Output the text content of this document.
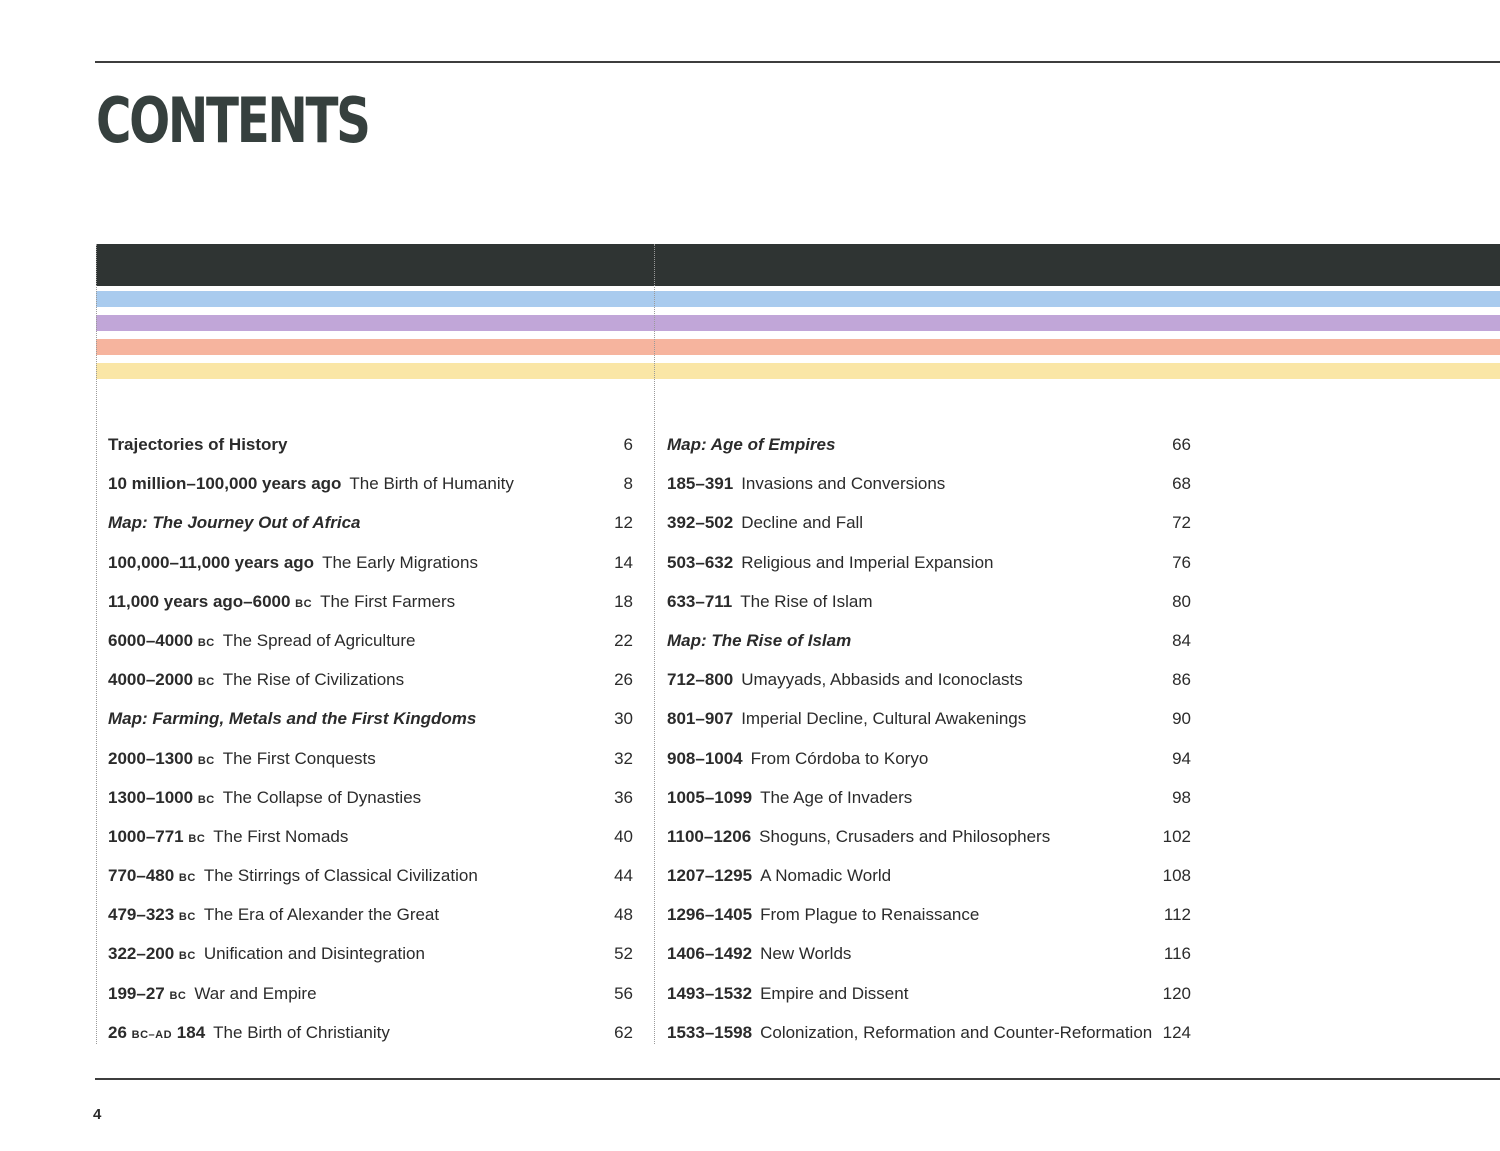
CONTENTS
Trajectories of History	6
10 million–100,000 years ago The Birth of Humanity	8
Map: The Journey Out of Africa	12
100,000–11,000 years ago The Early Migrations	14
11,000 years ago–6000 BC The First Farmers	18
6000–4000 BC The Spread of Agriculture	22
4000–2000 BC The Rise of Civilizations	26
Map: Farming, Metals and the First Kingdoms	30
2000–1300 BC The First Conquests	32
1300–1000 BC The Collapse of Dynasties	36
1000–771 BC The First Nomads	40
770–480 BC The Stirrings of Classical Civilization	44
479–323 BC The Era of Alexander the Great	48
322–200 BC Unification and Disintegration	52
199–27 BC War and Empire	56
26 BC–AD 184 The Birth of Christianity	62
Map: Age of Empires	66
185–391 Invasions and Conversions	68
392–502 Decline and Fall	72
503–632 Religious and Imperial Expansion	76
633–711 The Rise of Islam	80
Map: The Rise of Islam	84
712–800 Umayyads, Abbasids and Iconoclasts	86
801–907 Imperial Decline, Cultural Awakenings	90
908–1004 From Córdoba to Koryo	94
1005–1099 The Age of Invaders	98
1100–1206 Shoguns, Crusaders and Philosophers	102
1207–1295 A Nomadic World	108
1296–1405 From Plague to Renaissance	112
1406–1492 New Worlds	116
1493–1532 Empire and Dissent	120
1533–1598 Colonization, Reformation and Counter-Reformation 124
4
